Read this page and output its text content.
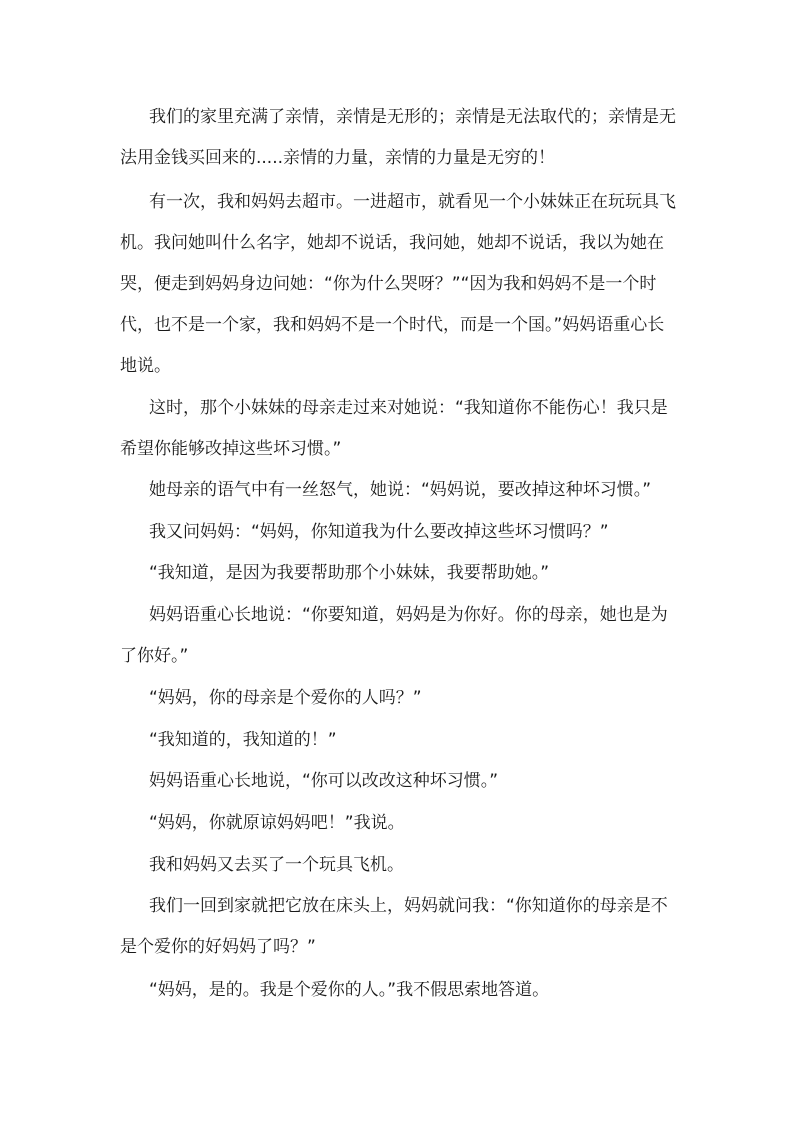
我们的家里充满了亲情，亲情是无形的；亲情是无法取代的；亲情是无法用金钱买回来的.....亲情的力量，亲情的力量是无穷的！

有一次，我和妈妈去超市。一进超市，就看见一个小妹妹正在玩玩具飞机。我问她叫什么名字，她却不说话，我问她，她却不说话，我以为她在哭，便走到妈妈身边问她：“你为什么哭呀？”“因为我和妈妈不是一个时代，也不是一个家，我和妈妈不是一个时代，而是一个国。”妈妈语重心长地说。

这时，那个小妹妹的母亲走过来对她说：“我知道你不能伤心！我只是希望你能够改掉这些坏习惯。”

她母亲的语气中有一丝怒气，她说：“妈妈说，要改掉这种坏习惯。”

我又问妈妈：“妈妈，你知道我为什么要改掉这些坏习惯吗？”

“我知道，是因为我要帮助那个小妹妹，我要帮助她。”

妈妈语重心长地说：“你要知道，妈妈是为你好。你的母亲，她也是为了你好。”

“妈妈，你的母亲是个爱你的人吗？”

“我知道的，我知道的！”

妈妈语重心长地说，“你可以改改这种坏习惯。”

“妈妈，你就原谅妈妈吧！”我说。

我和妈妈又去买了一个玩具飞机。

我们一回到家就把它放在床头上，妈妈就问我：“你知道你的母亲是不是个爱你的好妈妈了吗？”

“妈妈，是的。我是个爱你的人。”我不假思索地答道。
